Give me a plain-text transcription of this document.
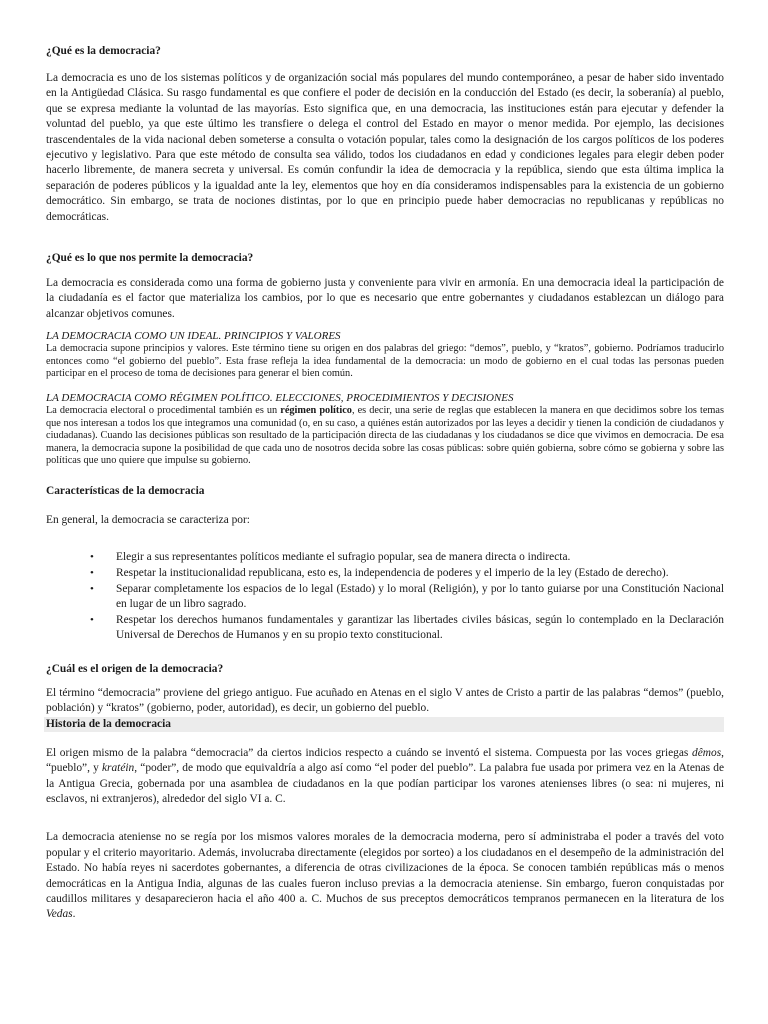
¿Qué es la democracia?

La democracia es uno de los sistemas políticos y de organización social más populares del mundo contemporáneo, a pesar de haber sido inventado en la Antigüedad Clásica. Su rasgo fundamental es que confiere el poder de decisión en la conducción del Estado (es decir, la soberanía) al pueblo, que se expresa mediante la voluntad de las mayorías. Esto significa que, en una democracia, las instituciones están para ejecutar y defender la voluntad del pueblo, ya que este último les transfiere o delega el control del Estado en mayor o menor medida. Por ejemplo, las decisiones trascendentales de la vida nacional deben someterse a consulta o votación popular, tales como la designación de los cargos políticos de los poderes ejecutivo y legislativo. Para que este método de consulta sea válido, todos los ciudadanos en edad y condiciones legales para elegir deben poder hacerlo libremente, de manera secreta y universal. Es común confundir la idea de democracia y la república, siendo que esta última implica la separación de poderes públicos y la igualdad ante la ley, elementos que hoy en día consideramos indispensables para la existencia de un gobierno democrático. Sin embargo, se trata de nociones distintas, por lo que en principio puede haber democracias no republicanas y repúblicas no democráticas.

¿Qué es lo que nos permite la democracia?

La democracia es considerada como una forma de gobierno justa y conveniente para vivir en armonía. En una democracia ideal la participación de la ciudadanía es el factor que materializa los cambios, por lo que es necesario que entre gobernantes y ciudadanos establezcan un diálogo para alcanzar objetivos comunes.

LA DEMOCRACIA COMO UN IDEAL. PRINCIPIOS Y VALORES

La democracia supone principios y valores. Este término tiene su origen en dos palabras del griego: “demos”, pueblo, y “kratos”, gobierno. Podríamos traducirlo entonces como “el gobierno del pueblo”. Esta frase refleja la idea fundamental de la democracia: un modo de gobierno en el cual todas las personas pueden participar en el proceso de toma de decisiones para generar el bien común.

LA DEMOCRACIA COMO RÉGIMEN POLÍTICO. ELECCIONES, PROCEDIMIENTOS Y DECISIONES

La democracia electoral o procedimental también es un régimen político, es decir, una serie de reglas que establecen la manera en que decidimos sobre los temas que nos interesan a todos los que integramos una comunidad (o, en su caso, a quiénes están autorizados por las leyes a decidir y tienen la condición de ciudadanos y ciudadanas). Cuando las decisiones públicas son resultado de la participación directa de las ciudadanas y los ciudadanos se dice que vivimos en democracia. De esa manera, la democracia supone la posibilidad de que cada uno de nosotros decida sobre las cosas públicas: sobre quién gobierna, sobre cómo se gobierna y sobre las políticas que uno quiere que impulse su gobierno.

Características de la democracia

En general, la democracia se caracteriza por:

• Elegir a sus representantes políticos mediante el sufragio popular, sea de manera directa o indirecta.
• Respetar la institucionalidad republicana, esto es, la independencia de poderes y el imperio de la ley (Estado de derecho).
• Separar completamente los espacios de lo legal (Estado) y lo moral (Religión), y por lo tanto guiarse por una Constitución Nacional en lugar de un libro sagrado.
• Respetar los derechos humanos fundamentales y garantizar las libertades civiles básicas, según lo contemplado en la Declaración Universal de Derechos de Humanos y en su propio texto constitucional.
¿Cuál es el origen de la democracia?

El término “democracia” proviene del griego antiguo. Fue acuñado en Atenas en el siglo V antes de Cristo a partir de las palabras “demos” (pueblo, población) y “kratos” (gobierno, poder, autoridad), es decir, un gobierno del pueblo.

Historia de la democracia

El origen mismo de la palabra “democracia” da ciertos indicios respecto a cuándo se inventó el sistema. Compuesta por las voces griegas dêmos, “pueblo”, y kratéin, “poder”, de modo que equivaldría a algo así como “el poder del pueblo”. La palabra fue usada por primera vez en la Atenas de la Antigua Grecia, gobernada por una asamblea de ciudadanos en la que podían participar los varones atenienses libres (o sea: ni mujeres, ni esclavos, ni extranjeros), alrededor del siglo VI a. C.

La democracia ateniense no se regía por los mismos valores morales de la democracia moderna, pero sí administraba el poder a través del voto popular y el criterio mayoritario. Además, involucraba directamente (elegidos por sorteo) a los ciudadanos en el desempeño de la administración del Estado. No había reyes ni sacerdotes gobernantes, a diferencia de otras civilizaciones de la época. Se conocen también repúblicas más o menos democráticas en la Antigua India, algunas de las cuales fueron incluso previas a la democracia ateniense. Sin embargo, fueron conquistadas por caudillos militares y desaparecieron hacia el año 400 a. C. Muchos de sus preceptos democráticos tempranos permanecen en la literatura de los Vedas.
